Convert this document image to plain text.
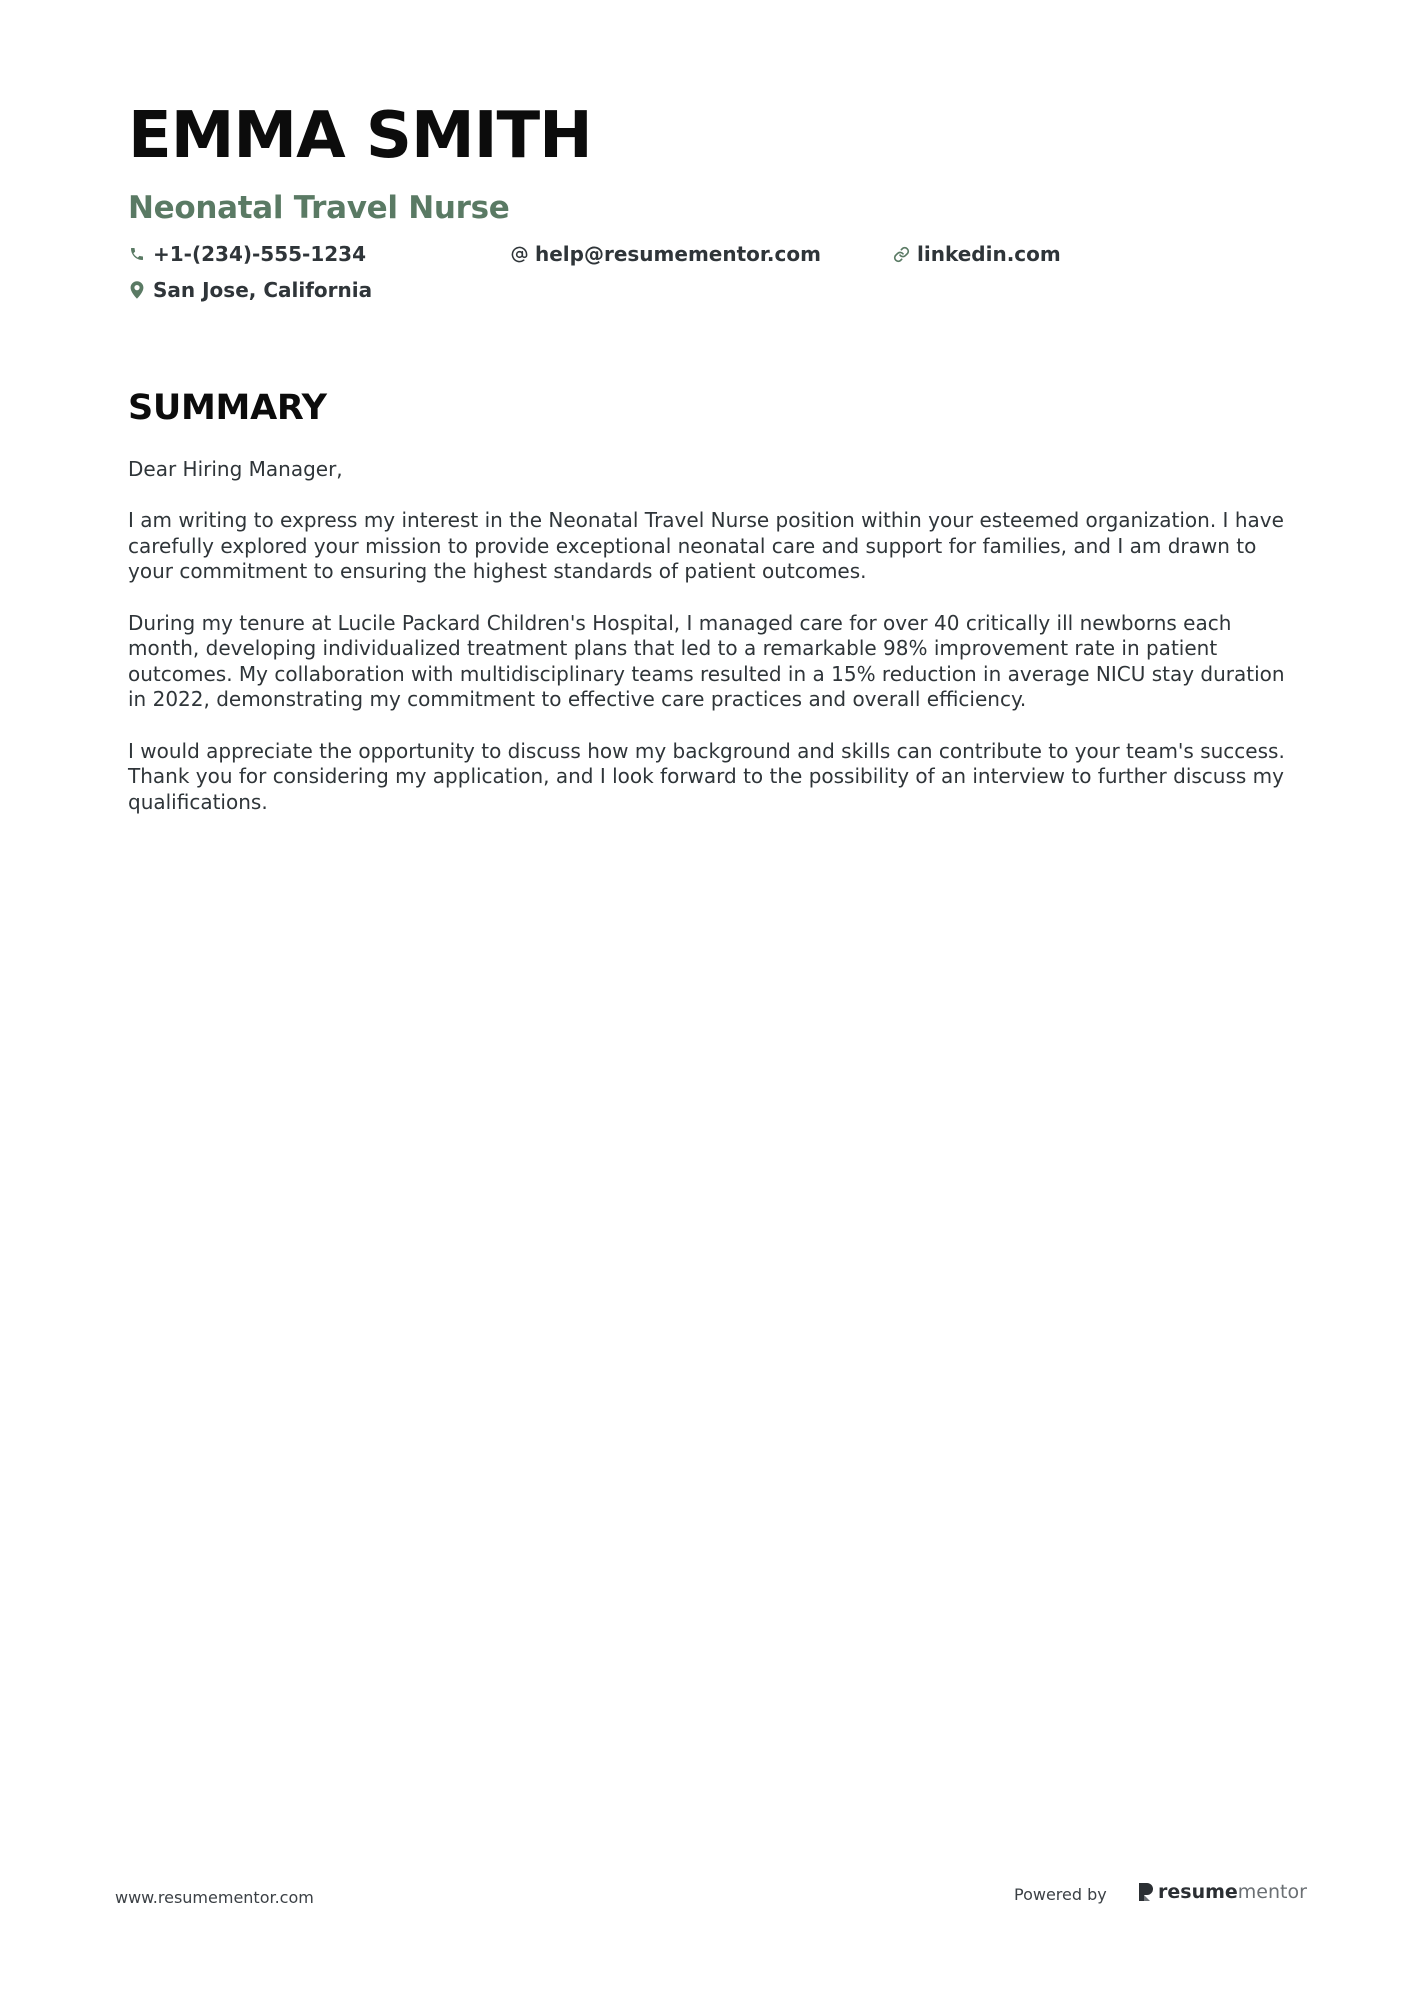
EMMA SMITH
Neonatal Travel Nurse
+1-(234)-555-1234	help@resumementor.com	linkedin.com
San Jose, California
SUMMARY

Dear Hiring Manager,

I am writing to express my interest in the Neonatal Travel Nurse position within your esteemed organization. I have carefully explored your mission to provide exceptional neonatal care and support for families, and I am drawn to your commitment to ensuring the highest standards of patient outcomes.

During my tenure at Lucile Packard Children's Hospital, I managed care for over 40 critically ill newborns each month, developing individualized treatment plans that led to a remarkable 98% improvement rate in patient outcomes. My collaboration with multidisciplinary teams resulted in a 15% reduction in average NICU stay duration in 2022, demonstrating my commitment to effective care practices and overall efficiency.

I would appreciate the opportunity to discuss how my background and skills can contribute to your team's success. Thank you for considering my application, and I look forward to the possibility of an interview to further discuss my qualifications.

www.resumementor.com	Powered by	resume mentor
